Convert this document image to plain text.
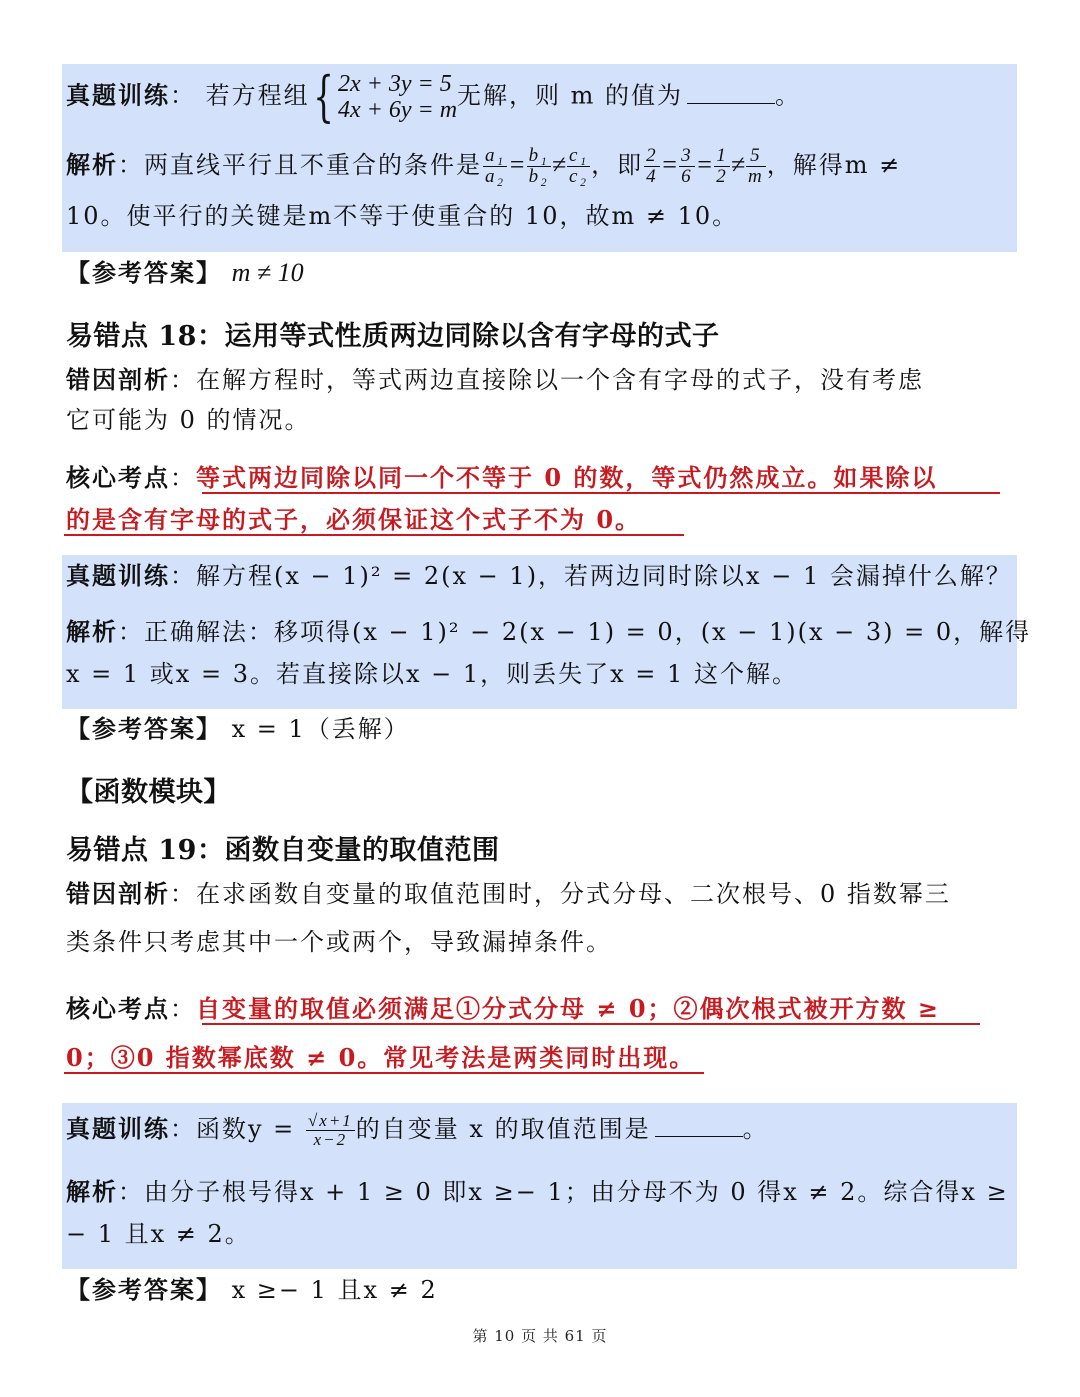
真题训练： 若方程组{ 2x + 3y = 5
4x + 6y = m
无解，则 m 的值为	。
解析：两直线平行且不重合的条件是 $\frac{\text{a₁}}{\text{a₂}} = \frac{\text{b₁}}{\text{b₂}} \ne \frac{\text{c₁}}{\text{c₂}}$ ，即 $\frac{2}{4} = \frac{3}{6} = \frac{1}{2} \ne \frac{5}{m}$ ，解得m ≠
10。使平行的关键是m不等于使重合的 10，故m ≠ 10。
【参考答案】 m ≠ 10
易错点 18：运用等式性质两边同除以含有字母的式子
错因剖析：在解方程时，等式两边直接除以一个含有字母的式子，没有考虑
它可能为 0 的情况。
核心考点：等式两边同除以同一个不等于 0 的数，等式仍然成立。如果除以
的是含有字母的式子，必须保证这个式子不为 0。
真题训练：解方程(x − 1)² = 2(x − 1)，若两边同时除以x − 1 会漏掉什么解？
解析：正确解法：移项得(x − 1)² − 2(x − 1) = 0，(x − 1)(x − 3) = 0，解得
x = 1 或x = 3。若直接除以x − 1，则丢失了x = 1 这个解。
【参考答案】 x = 1（丢解）
【函数模块】
易错点 19：函数自变量的取值范围
错因剖析：在求函数自变量的取值范围时，分式分母、二次根号、0 指数幂三
类条件只考虑其中一个或两个，导致漏掉条件。
核心考点：自变量的取值必须满足①分式分母 ≠ 0；②偶次根式被开方数 ≥
0；③0 指数幂底数 ≠ 0。常见考法是两类同时出现。
真题训练：函数$y = \frac{√x+1}{x-2}$ 的自变量 x 的取值范围是	。
解析：由分子根号得x + 1 ≥ 0 即x ≥− 1；由分母不为 0 得x ≠ 2。综合得x ≥
− 1 且x ≠ 2。
【参考答案】 x ≥− 1 且x ≠ 2
第 10 页 共 61 页
